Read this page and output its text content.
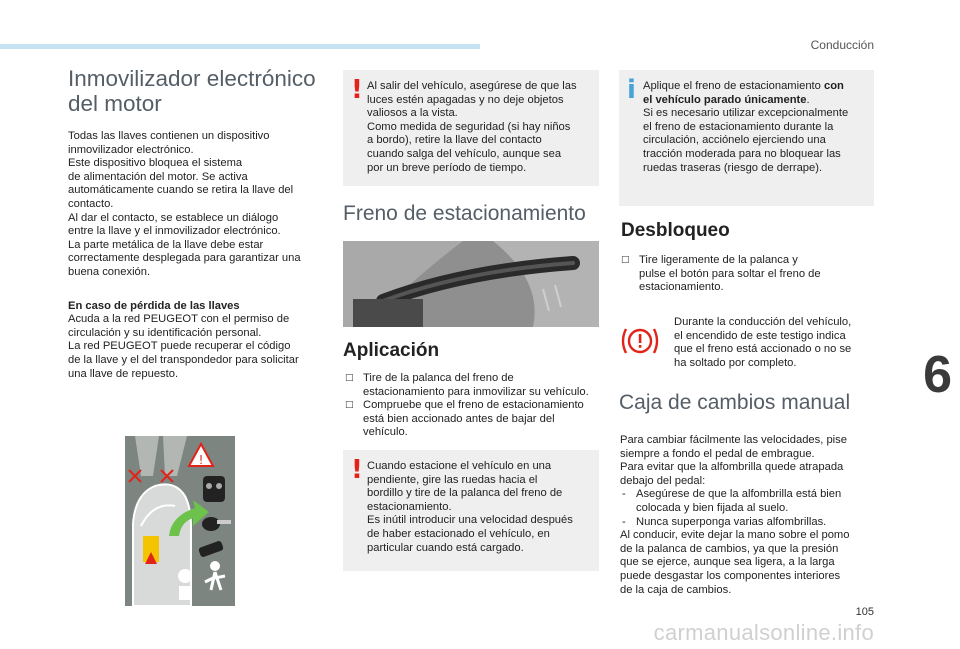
Conducción
Inmovilizador electrónico
del motor

Todas las llaves contienen un dispositivo
inmovilizador electrónico.
Este dispositivo bloquea el sistema
de alimentación del motor. Se activa
automáticamente cuando se retira la llave del
contacto.
Al dar el contacto, se establece un diálogo
entre la llave y el inmovilizador electrónico.
La parte metálica de la llave debe estar
correctamente desplegada para garantizar una
buena conexión.

En caso de pérdida de las llaves
Acuda a la red PEUGEOT con el permiso de
circulación y su identificación personal.
La red PEUGEOT puede recuperar el código
de la llave y el del transpondedor para solicitar
una llave de repuesto.

!
! Al salir del vehículo, asegúrese de que las
luces estén apagadas y no deje objetos
valiosos a la vista.
Como medida de seguridad (si hay niños
a bordo), retire la llave del contacto
cuando salga del vehículo, aunque sea
por un breve período de tiempo.
Freno de estacionamiento
Aplicación
□ Tire de la palanca del freno de
estacionamiento para inmovilizar su vehículo.
□ Compruebe que el freno de estacionamiento
está bien accionado antes de bajar del
vehículo.
! Cuando estacione el vehículo en una
pendiente, gire las ruedas hacia el
bordillo y tire de la palanca del freno de
estacionamiento.
Es inútil introducir una velocidad después
de haber estacionado el vehículo, en
particular cuando está cargado.
i Aplique el freno de estacionamiento con
el vehículo parado únicamente.
Si es necesario utilizar excepcionalmente
el freno de estacionamiento durante la
circulación, acciónelo ejerciendo una
tracción moderada para no bloquear las
ruedas traseras (riesgo de derrape).
Desbloqueo
□ Tire ligeramente de la palanca y
pulse el botón para soltar el freno de
estacionamiento.

Durante la conducción del vehículo,
el encendido de este testigo indica
que el freno está accionado o no se
ha soltado por completo.

Caja de cambios manual

Para cambiar fácilmente las velocidades, pise
siempre a fondo el pedal de embrague.
Para evitar que la alfombrilla quede atrapada
debajo del pedal:

- Asegúrese de que la alfombrilla está bien
colocada y bien fijada al suelo.
- Nunca superponga varias alfombrillas.

Al conducir, evite dejar la mano sobre el pomo
de la palanca de cambios, ya que la presión
que se ejerce, aunque sea ligera, a la larga
puede desgastar los componentes interiores
de la caja de cambios.

6
105
carmanualsonline.info
